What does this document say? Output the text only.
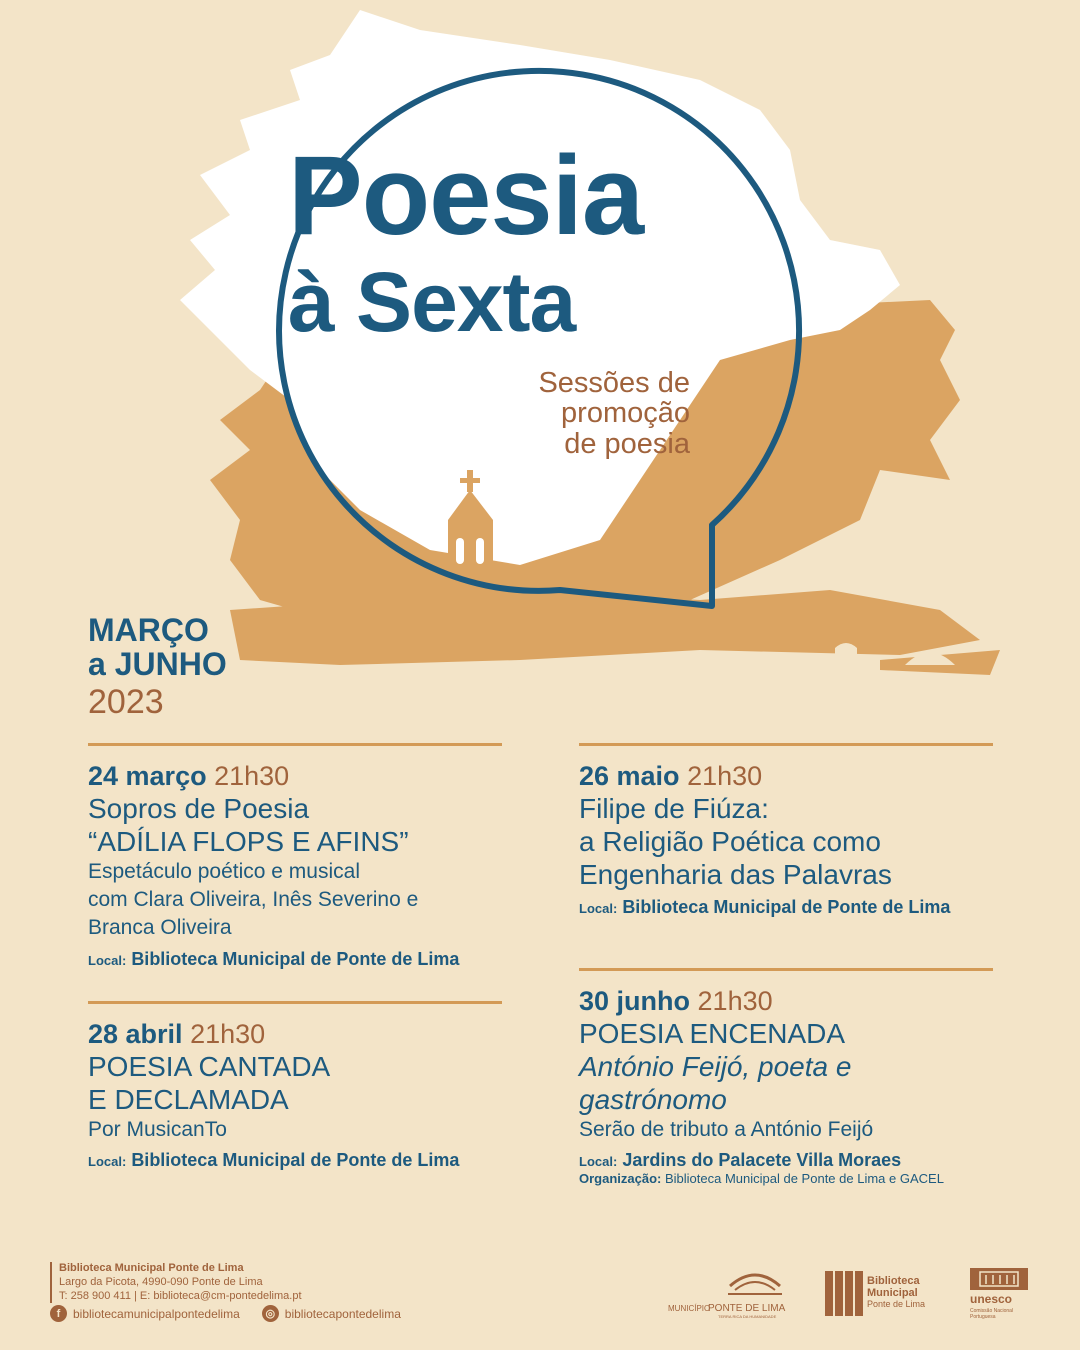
Poesia
à Sexta
Sessões de
promoção
de poesia
MARÇO
a JUNHO
2023
24 março 21h30
Sopros de Poesia
“ADÍLIA FLOPS E AFINS”
Espetáculo poético e musical
com Clara Oliveira, Inês Severino e
Branca Oliveira
Local: Biblioteca Municipal de Ponte de Lima
28 abril 21h30
POESIA CANTADA
E DECLAMADA
Por MusicanTo
Local: Biblioteca Municipal de Ponte de Lima
26 maio 21h30
Filipe de Fiúza:
a Religião Poética como
Engenharia das Palavras
Local: Biblioteca Municipal de Ponte de Lima
30 junho 21h30
POESIA ENCENADA
António Feijó, poeta e
gastrónomo
Serão de tributo a António Feijó
Local: Jardins do Palacete Villa Moraes
Organização: Biblioteca Municipal de Ponte de Lima e GACEL
Biblioteca Municipal Ponte de Lima
Largo da Picota, 4990-090 Ponte de Lima
T: 258 900 411 | E: biblioteca@cm-pontedelima.pt
f	bibliotecamunicipalpontedelima	◎ bibliotecapontedelima	MUNICÍPIO
PONTE DE LIMA
TERRA RICA DA HUMANIDADE
Biblioteca
Municipal
Ponte de Lima	unesco
Comissão Nacional
Portuguesa
